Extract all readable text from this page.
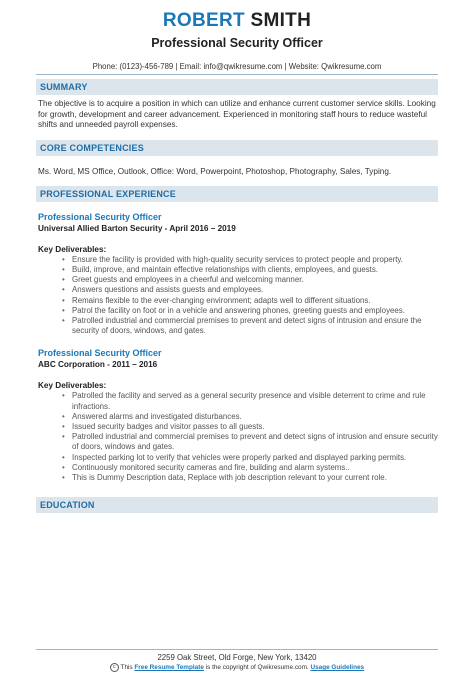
ROBERT SMITH
Professional Security Officer
Phone: (0123)-456-789 | Email: info@qwikresume.com | Website: Qwikresume.com
SUMMARY
The objective is to acquire a position in which can utilize and enhance current customer service skills. Looking for growth, development and career advancement. Experienced in monitoring staff hours to reduce wasteful shifts and unneeded payroll expenses.
CORE COMPETENCIES
Ms. Word, MS Office, Outlook, Office: Word, Powerpoint, Photoshop, Photography, Sales, Typing.
PROFESSIONAL EXPERIENCE
Professional Security Officer
Universal Allied Barton Security - April 2016 – 2019
Key Deliverables:
• Ensure the facility is provided with high-quality security services to protect people and property.
• Build, improve, and maintain effective relationships with clients, employees, and guests.
• Greet guests and employees in a cheerful and welcoming manner.
• Answers questions and assists guests and employees.
• Remains flexible to the ever-changing environment; adapts well to different situations.
• Patrol the facility on foot or in a vehicle and answering phones, greeting guests and employees.
• Patrolled industrial and commercial premises to prevent and detect signs of intrusion and ensure the security of doors, windows, and gates.
Professional Security Officer
ABC Corporation - 2011 – 2016
Key Deliverables:
• Patrolled the facility and served as a general security presence and visible deterrent to crime and rule infractions.
• Answered alarms and investigated disturbances.
• Issued security badges and visitor passes to all guests.
• Patrolled industrial and commercial premises to prevent and detect signs of intrusion and ensure security of doors, windows and gates.
• Inspected parking lot to verify that vehicles were properly parked and displayed parking permits.
• Continuously monitored security cameras and fire, building and alarm systems..
• This is Dummy Description data, Replace with job description relevant to your current role.
EDUCATION
2259 Oak Street, Old Forge, New York, 13420
c This Free Resume Template is the copyright of Qwikresume.com. Usage Guidelines
